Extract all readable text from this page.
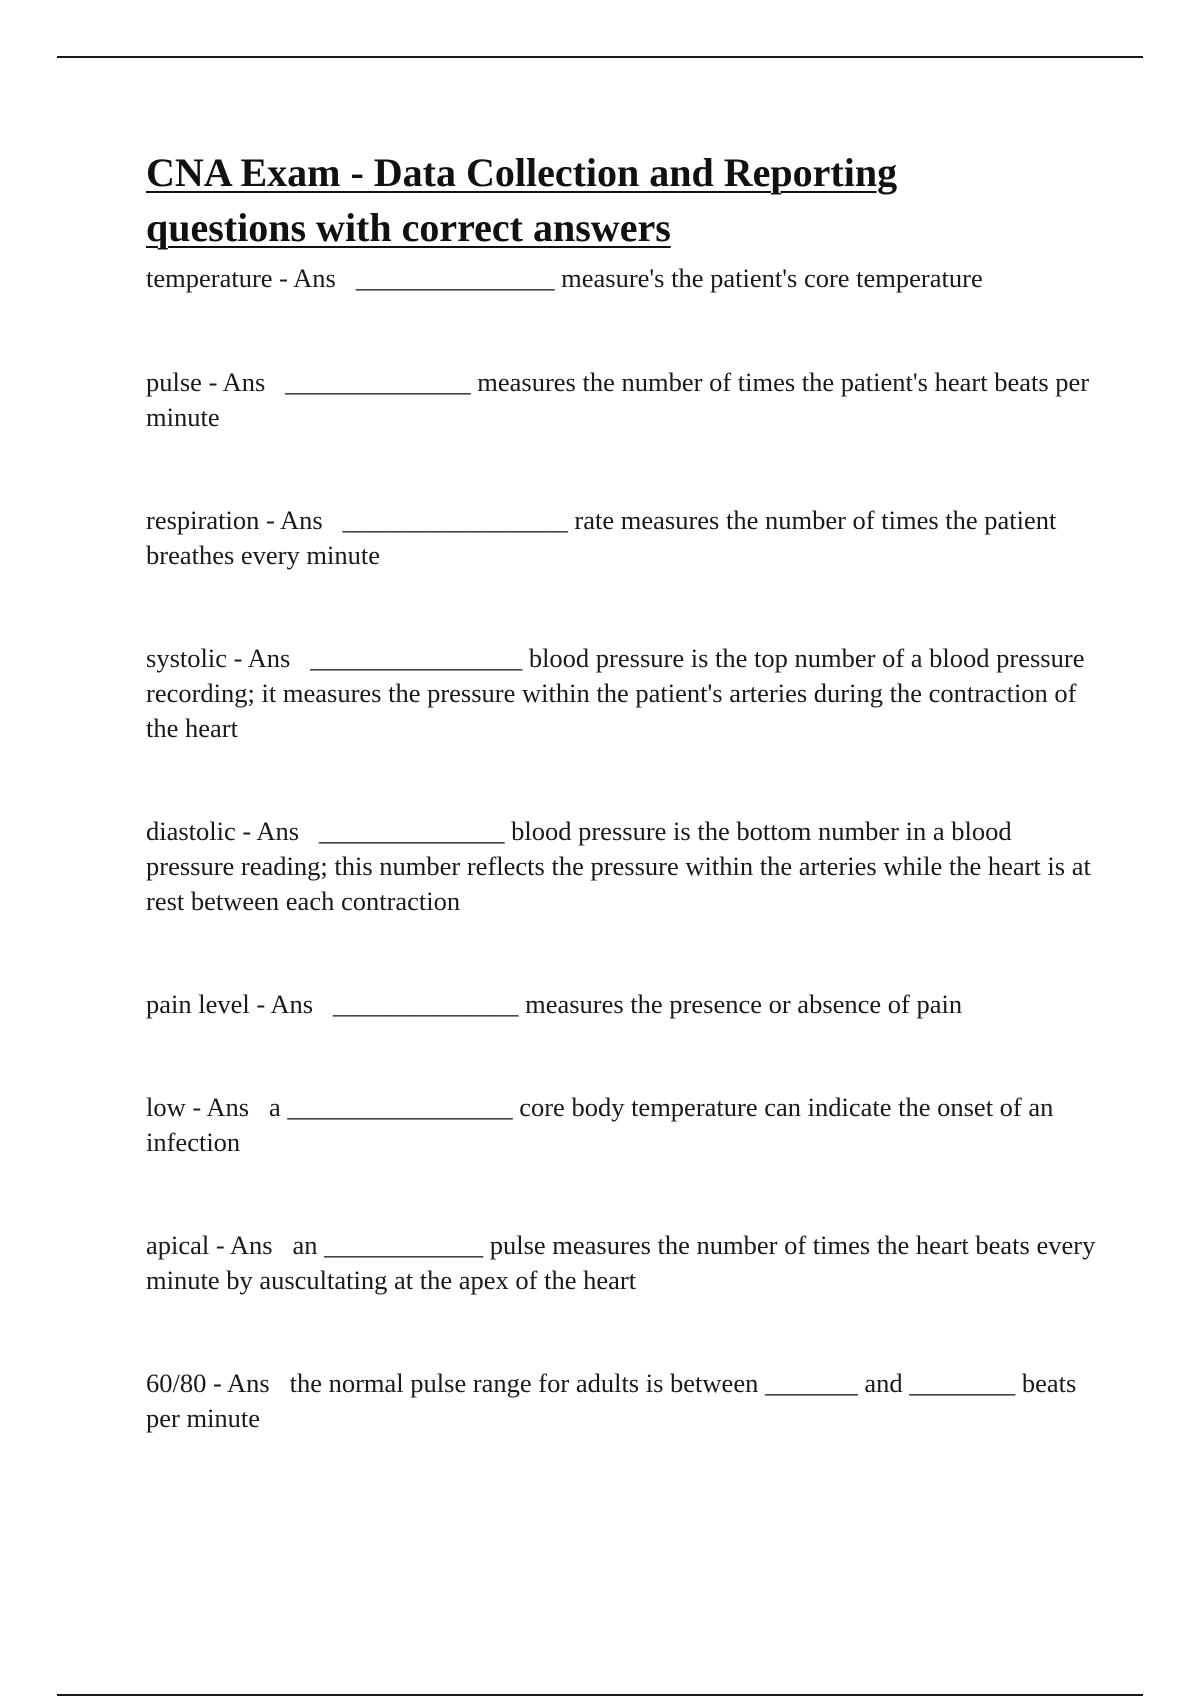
CNA Exam - Data Collection and Reporting questions with correct answers
temperature - Ans   _______________ measure's the patient's core temperature
pulse - Ans   ______________ measures the number of times the patient's heart beats per minute
respiration - Ans   _________________ rate measures the number of times the patient breathes every minute
systolic - Ans   ________________ blood pressure is the top number of a blood pressure recording; it measures the pressure within the patient's arteries during the contraction of the heart
diastolic - Ans   ______________ blood pressure is the bottom number in a blood pressure reading; this number reflects the pressure within the arteries while the heart is at rest between each contraction
pain level - Ans   ______________ measures the presence or absence of pain
low - Ans   a _________________ core body temperature can indicate the onset of an infection
apical - Ans   an ____________ pulse measures the number of times the heart beats every minute by auscultating at the apex of the heart
60/80 - Ans   the normal pulse range for adults is between _______ and ________ beats per minute
